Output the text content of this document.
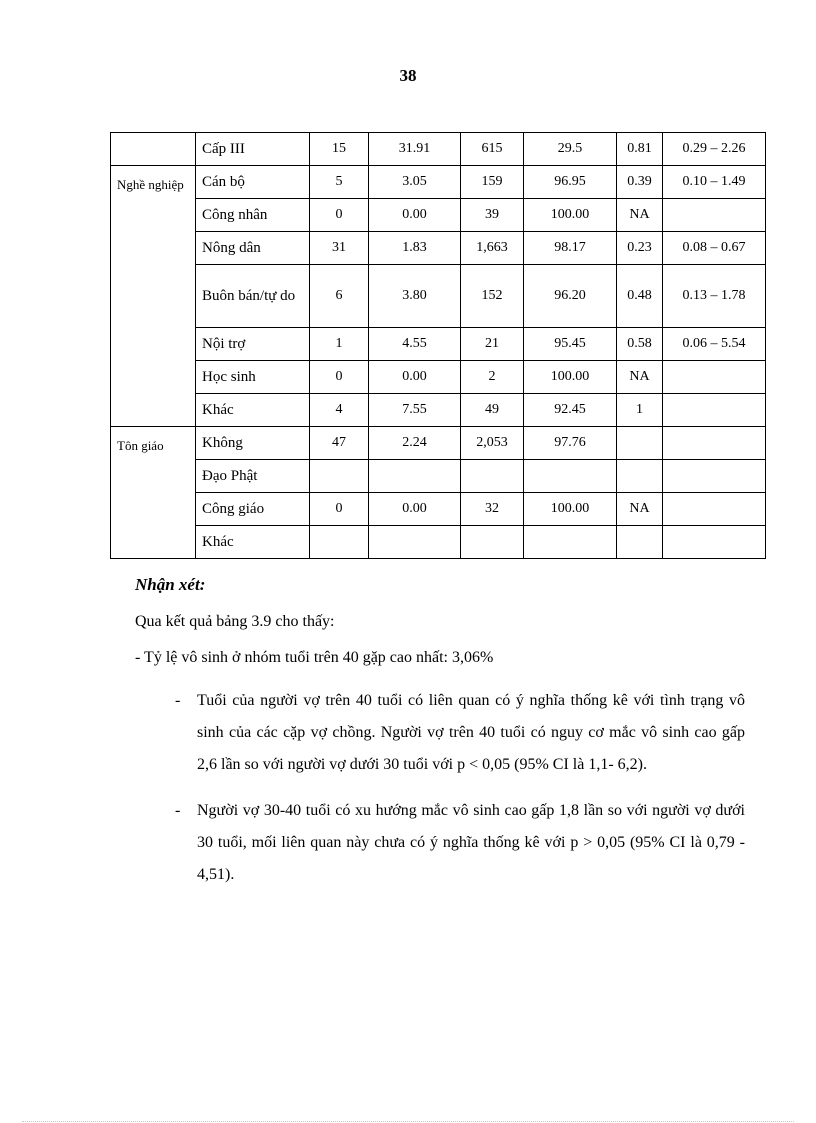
38
	Cấp III	15	31.91	615	29.5	0.81	0.29 – 2.26
Nghề nghiệp	Cán bộ	5	3.05	159	96.95	0.39	0.10 – 1.49
	Công nhân	0	0.00	39	100.00	NA	
	Nông dân	31	1.83	1,663	98.17	0.23	0.08 – 0.67
	Buôn bán/tự do	6	3.80	152	96.20	0.48	0.13 – 1.78
	Nội trợ	1	4.55	21	95.45	0.58	0.06 – 5.54
	Học sinh	0	0.00	2	100.00	NA	
	Khác	4	7.55	49	92.45	1	
Tôn giáo	Không	47	2.24	2,053	97.76		
	Đạo Phật						
	Công giáo	0	0.00	32	100.00	NA	
	Khác						

Nhận xét:

Qua kết quả bảng 3.9 cho thấy:

- Tỷ lệ vô sinh ở nhóm tuổi trên 40 gặp cao nhất: 3,06%

- Tuổi của người vợ trên 40 tuổi có liên quan có ý nghĩa thống kê với tình trạng vô sinh của các cặp vợ chồng. Người vợ trên 40 tuổi có nguy cơ mắc vô sinh cao gấp 2,6 lần so với người vợ dưới 30 tuổi với p < 0,05 (95% CI là 1,1- 6,2).
- Người vợ 30-40 tuổi có xu hướng mắc vô sinh cao gấp 1,8 lần so với người vợ dưới 30 tuổi, mối liên quan này chưa có ý nghĩa thống kê với p > 0,05 (95% CI là 0,79 - 4,51).
